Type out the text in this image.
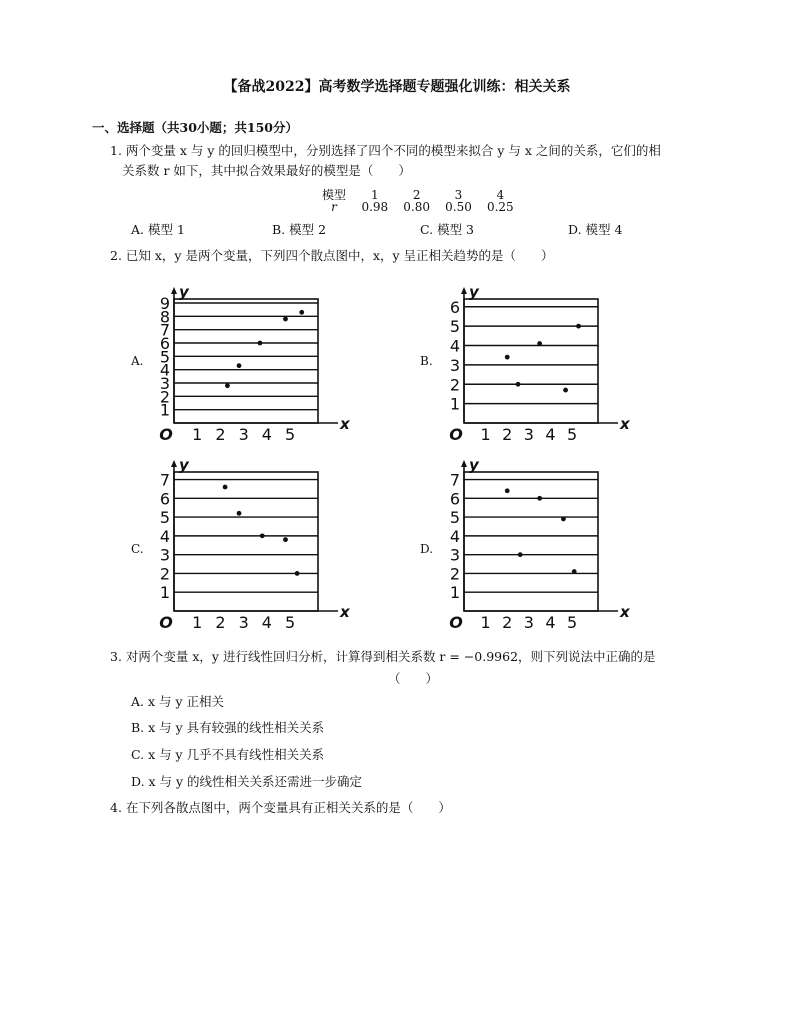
【备战2022】高考数学选择题专题强化训练：相关关系
一、选择题（共30小题；共150分）
1. 两个变量 x 与 y 的回归模型中，分别选择了四个不同的模型来拟合 y 与 x 之间的关系，它们的相
关系数 r 如下，其中拟合效果最好的模型是（　　）
模型 1	2	3	4
r 0.98 0.80 0.50 0.25
A. 模型 1	B. 模型 2	C. 模型 3	D. 模型 4
2. 已知 x，y 是两个变量，下列四个散点图中，x，y 呈正相关趋势的是（　　）
A.	B.
C.	D.
1
2
3
4
5
6
7
8
9
1 2 3 4 5
O
x
y
1
2
3
4
5
6
1 2 3 4 5
O
x
y
1
2
3
4
5
6
7
1 2 3 4 5
O
x
y
1
2
3
4
5
6
7
1 2 3 4 5
O
x
y
3. 对两个变量 x，y 进行线性回归分析，计算得到相关系数 r = −0.9962，则下列说法中正确的是
（　　）
A. x 与 y 正相关
B. x 与 y 具有较强的线性相关关系
C. x 与 y 几乎不具有线性相关关系
D. x 与 y 的线性相关关系还需进一步确定
4. 在下列各散点图中，两个变量具有正相关关系的是（　　）
